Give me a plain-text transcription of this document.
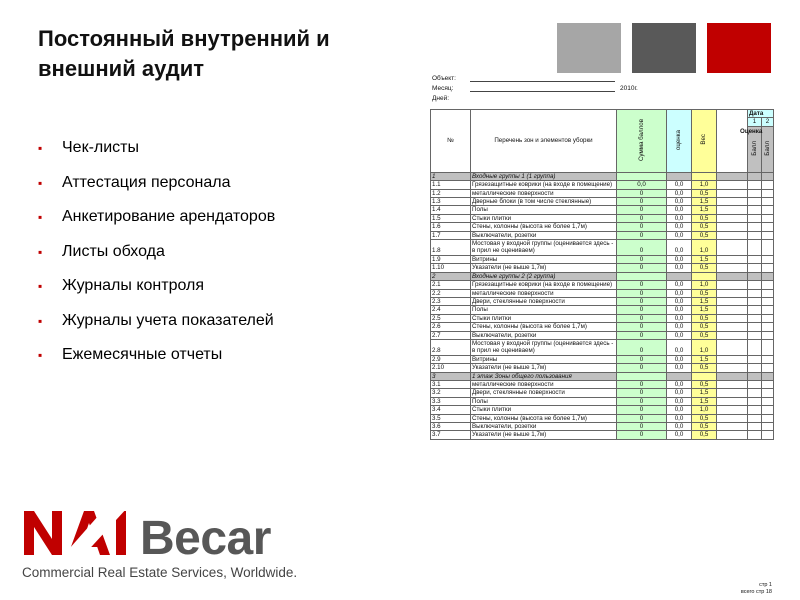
Постоянный внутренний и внешний аудит
▪ Чек-листы
▪ Аттестация персонала
▪ Анкетирование арендаторов
▪ Листы обхода
▪ Журналы контроля
▪ Журналы учета показателей
▪ Ежемесячные отчеты
Becar
Commercial Real Estate Services, Worldwide.
Объект:
Месяц:	2010г.
Дней:
№	Перечень зон и элементов уборки	Сумма баллов	оценка	Вес		Дата	
						1	2
						Балл	Балл
1	Входные группы 1 (1 группа)						
1.1	Грязезащитные коврики (на входе в помещение)	0,0	0,0	1,0			
1.2	металлические поверхности	0	0,0	0,5			
1.3	Дверные блоки (в том числе стеклянные)	0	0,0	1,5			
1.4	Полы	0	0,0	1,5			
1.5	Стыки плитки	0	0,0	0,5			
1.6	Стены, колонны (высота не более 1,7м)	0	0,0	0,5			
1.7	Выключатели, розетки	0	0,0	0,5			
1.8	Мостовая у входной группы (оценивается здесь - в прил не оцениваем)	0	0,0	1,0			
1.9	Витрины	0	0,0	1,5			
1.10	Указатели (не выше 1,7м)	0	0,0	0,5			
2	Входные группы 2 (2 группа)						
2.1	Грязезащитные коврики (на входе в помещение)	0	0,0	1,0			
2.2	металлические поверхности	0	0,0	0,5			
2.3	Двери, стеклянные поверхности	0	0,0	1,5			
2.4	Полы	0	0,0	1,5			
2.5	Стыки плитки	0	0,0	0,5			
2.6	Стены, колонны (высота не более 1,7м)	0	0,0	0,5			
2.7	Выключатели, розетки	0	0,0	0,5			
2.8	Мостовая у входной группы (оценивается здесь - в прил не оцениваем)	0	0,0	1,0			
2.9	Витрины	0	0,0	1,5			
2.10	Указатели (не выше 1,7м)	0	0,0	0,5			
3	1 этаж Зоны общего пользования						
3.1	металлические поверхности	0	0,0	0,5			
3.2	Двери, стеклянные поверхности	0	0,0	1,5			
3.3	Полы	0	0,0	1,5			
3.4	Стыки плитки	0	0,0	1,0			
3.5	Стены, колонны (высота не более 1,7м)	0	0,0	0,5			
3.6	Выключатели, розетки	0	0,0	0,5			
3.7	Указатели (не выше 1,7м)	0	0,0	0,5			
Оценка
стр 1
всего стр 18
